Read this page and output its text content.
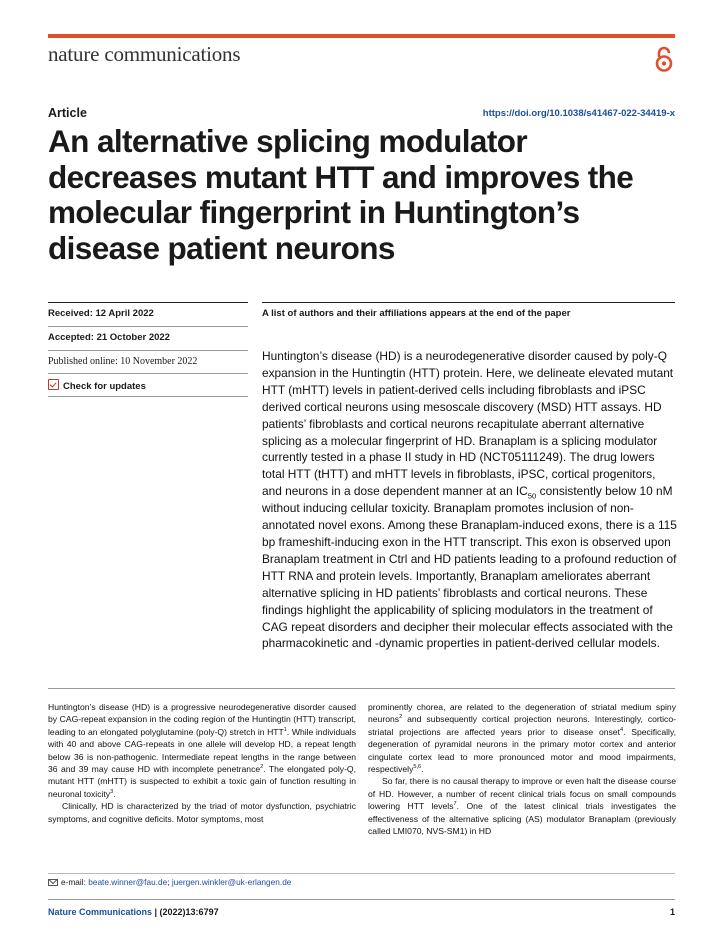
nature communications
Article	https://doi.org/10.1038/s41467-022-34419-x
An alternative splicing modulator decreases mutant HTT and improves the molecular fingerprint in Huntington’s disease patient neurons
Received: 12 April 2022
Accepted: 21 October 2022
Published online: 10 November 2022
Check for updates
A list of authors and their affiliations appears at the end of the paper

Huntington’s disease (HD) is a neurodegenerative disorder caused by poly-Q expansion in the Huntingtin (HTT) protein. Here, we delineate elevated mutant HTT (mHTT) levels in patient-derived cells including fibroblasts and iPSC derived cortical neurons using mesoscale discovery (MSD) HTT assays. HD patients’ fibroblasts and cortical neurons recapitulate aberrant alternative splicing as a molecular fingerprint of HD. Branaplam is a splicing modulator currently tested in a phase II study in HD (NCT05111249). The drug lowers total HTT (tHTT) and mHTT levels in fibroblasts, iPSC, cortical progenitors, and neurons in a dose dependent manner at an $IC_{50}$ consistently below 10 nM without inducing cellular toxicity. Branaplam promotes inclusion of non-annotated novel exons. Among these Branaplam-induced exons, there is a 115 bp frameshift-inducing exon in the HTT transcript. This exon is observed upon Branaplam treatment in Ctrl and HD patients leading to a profound reduction of HTT RNA and protein levels. Importantly, Branaplam ameliorates aberrant alternative splicing in HD patients’ fibroblasts and cortical neurons. These findings highlight the applicability of splicing modulators in the treatment of CAG repeat disorders and decipher their molecular effects associated with the pharmacokinetic and -dynamic properties in patient-derived cellular models.

Huntington’s disease (HD) is a progressive neurodegenerative disorder caused by CAG-repeat expansion in the coding region of the Huntingtin (HTT) transcript, leading to an elongated polyglutamine (poly-Q) stretch in HTT$^1$. While individuals with 40 and above CAG-repeats in one allele will develop HD, a repeat length below 36 is non-pathogenic. Intermediate repeat lengths in the range between 36 and 39 may cause HD with incomplete penetrance$^2$. The elongated poly-Q, mutant HTT (mHTT) is suspected to exhibit a toxic gain of function resulting in neuronal toxicity$^3$.

Clinically, HD is characterized by the triad of motor dysfunction, psychiatric symptoms, and cognitive deficits. Motor symptoms, most

prominently chorea, are related to the degeneration of striatal medium spiny neurons$^2$ and subsequently cortical projection neurons. Interestingly, cortico-striatal projections are affected years prior to disease onset$^4$. Specifically, degeneration of pyramidal neurons in the primary motor cortex and anterior cingulate cortex lead to more pronounced motor and mood impairments, respectively$^{5,6}$.

So far, there is no causal therapy to improve or even halt the disease course of HD. However, a number of recent clinical trials focus on small compounds lowering HTT levels$^7$. One of the latest clinical trials investigates the effectiveness of the alternative splicing (AS) modulator Branaplam (previously called LMI070, NVS-SM1) in HD

e-mail: beate.winner@fau.de; juergen.winkler@uk-erlangen.de
Nature Communications | (2022)13:6797	1
